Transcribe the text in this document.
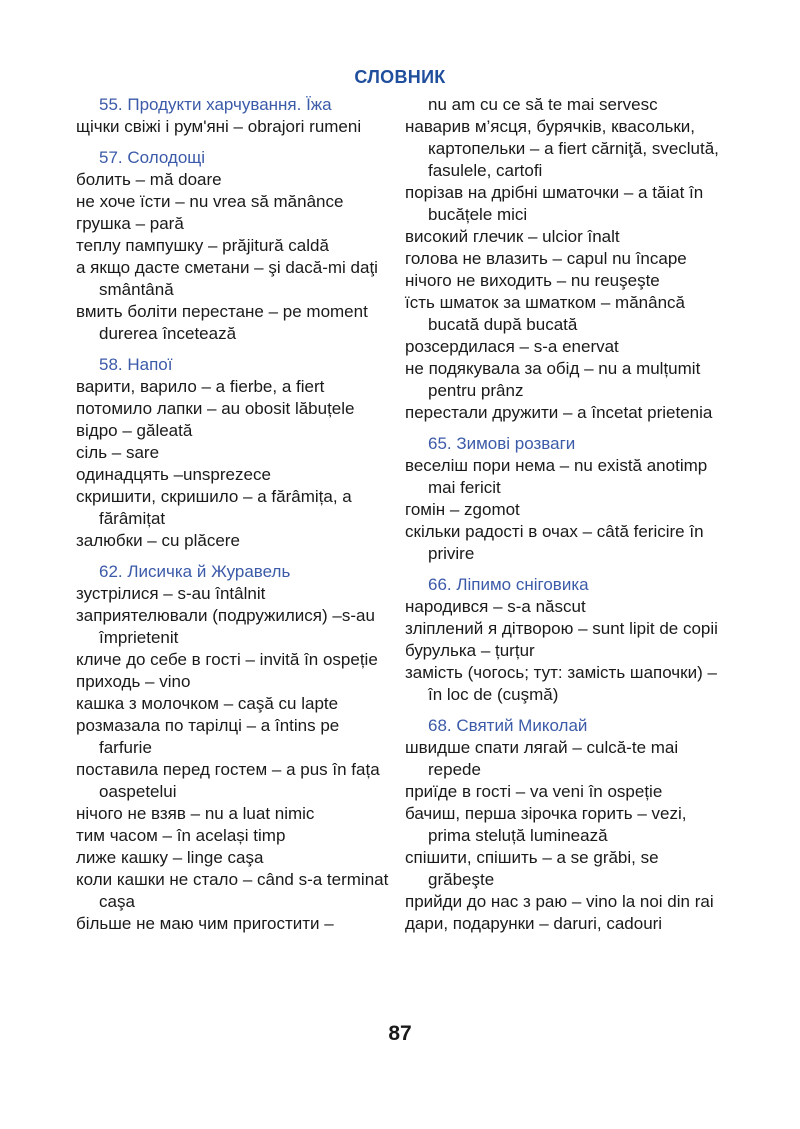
СЛОВНИК
55. Продукти харчування. Їжа
щічки свіжі і рум'яні – obrajori rumeni
57. Солодощі
болить – mă doare
не хоче їсти – nu vrea să mănânce
грушка – pară
теплу пампушку – prăjitură caldă
а якщо дасте сметани – şi dacă-mi daţi smântână
вмить боліти перестане – pe moment durerea încetează
58. Напої
варити, варило – a fierbe, a fiert
потомило лапки – au obosit lăbuțele
відро – găleată
сіль – sare
одинадцять –unsprezece
скришити, скришило – a fărâmița, a fărâmițat
залюбки – cu plăcere
62. Лисичка й Журавель
зустрілися – s-au întâlnit
заприятелювали (подружилися) –s-au împrietenit
кличе до себе в гості – invită în ospeție
приходь – vino
кашка з молочком – caşă cu lapte
розмазала по тарілці – a întins pe farfurie
поставила перед гостем – a pus în fața oaspetelui
нічого не взяв – nu a luat nimic
тим часом – în același timp
лиже кашку – linge caşa
коли кашки не стало – când s-a terminat caşa
більше не маю чим пригостити –
nu am cu ce să te mai servesc
наварив м’ясця, бурячків, квасольки, картопельки – a fiert cărniţă, sveclută, fasulele, cartofi
порізав на дрібні шматочки – a tăiat în bucățele mici
високий глечик – ulcior înalt
голова не влазить – capul nu încape
нічого не виходить – nu reuşeşte
їсть шматок за шматком – mănâncă bucată după bucată
розсердилася – s-a enervat
не подякувала за обід – nu a mulțumit pentru prânz
перестали дружити – a încetat prietenia
65. Зимові розваги
веселіш пори нема – nu există anotimp mai fericit
гомін – zgomot
скільки радості в очах – câtă fericire în privire
66. Ліпимо сніговика
народився – s-a născut
зліплений я дітворою – sunt lipit de copii
бурулька – țurțur
замість (чогось; тут: замість шапочки) – în loc de (cuşmă)
68. Святий Миколай
швидше спати лягай – culcă-te mai repede
приїде в гості – va veni în ospeție
бачиш, перша зірочка горить – vezi, prima steluță luminează
спішити, спішить – a se grăbi, se grăbeşte
прийди до нас з раю – vino la noi din rai
дари, подарунки – daruri, cadouri
87
